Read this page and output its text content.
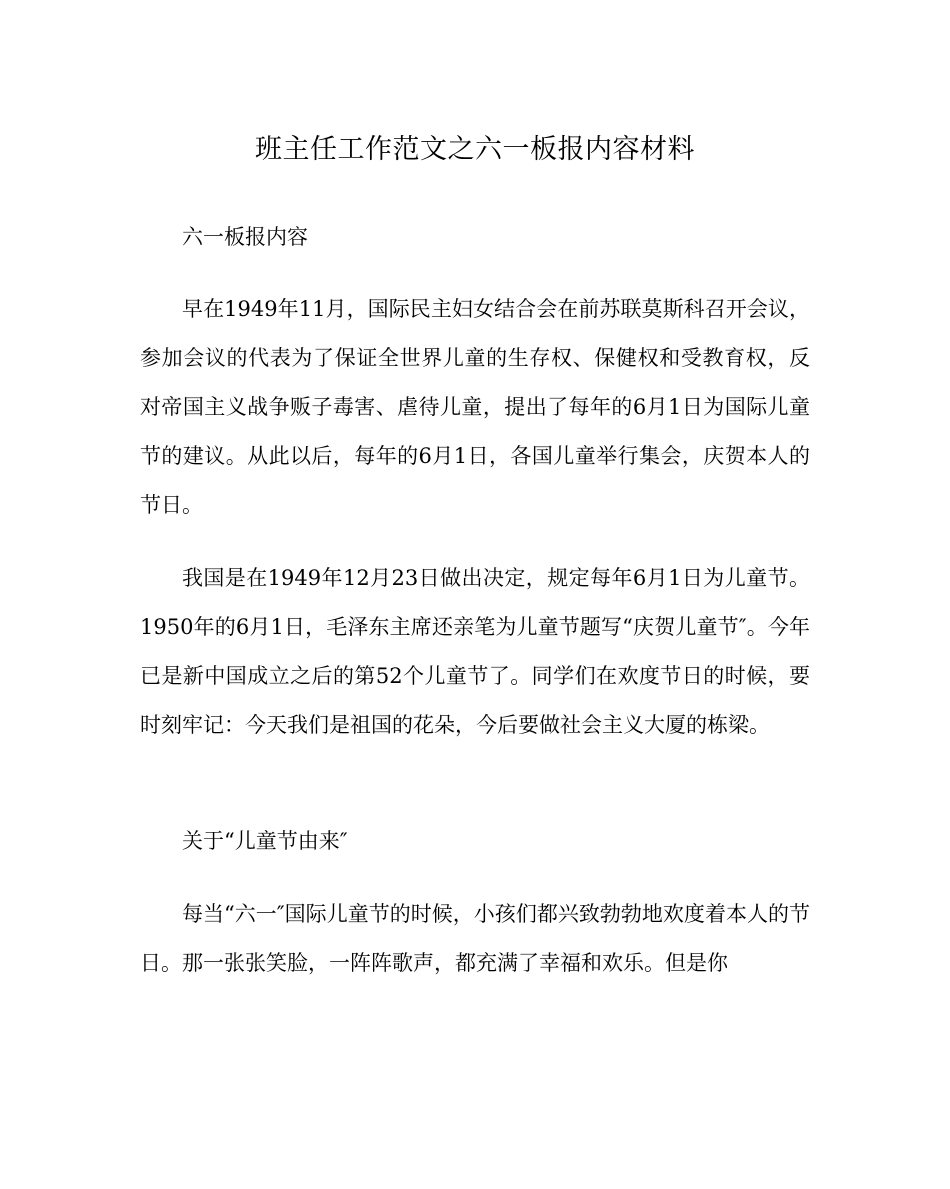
班主任工作范文之六一板报内容材料

六一板报内容

早在1949年11月，国际民主妇女结合会在前苏联莫斯科召开会议，参加会议的代表为了保证全世界儿童的生存权、保健权和受教育权，反对帝国主义战争贩子毒害、虐待儿童，提出了每年的6月1日为国际儿童节的建议。从此以后，每年的6月1日，各国儿童举行集会，庆贺本人的节日。

我国是在1949年12月23日做出决定，规定每年6月1日为儿童节。1950年的6月1日，毛泽东主席还亲笔为儿童节题写“庆贺儿童节″。今年已是新中国成立之后的第52个儿童节了。同学们在欢度节日的时候，要时刻牢记：今天我们是祖国的花朵，今后要做社会主义大厦的栋梁。

关于“儿童节由来″

每当“六一″国际儿童节的时候，小孩们都兴致勃勃地欢度着本人的节日。那一张张笑脸，一阵阵歌声，都充满了幸福和欢乐。但是你
